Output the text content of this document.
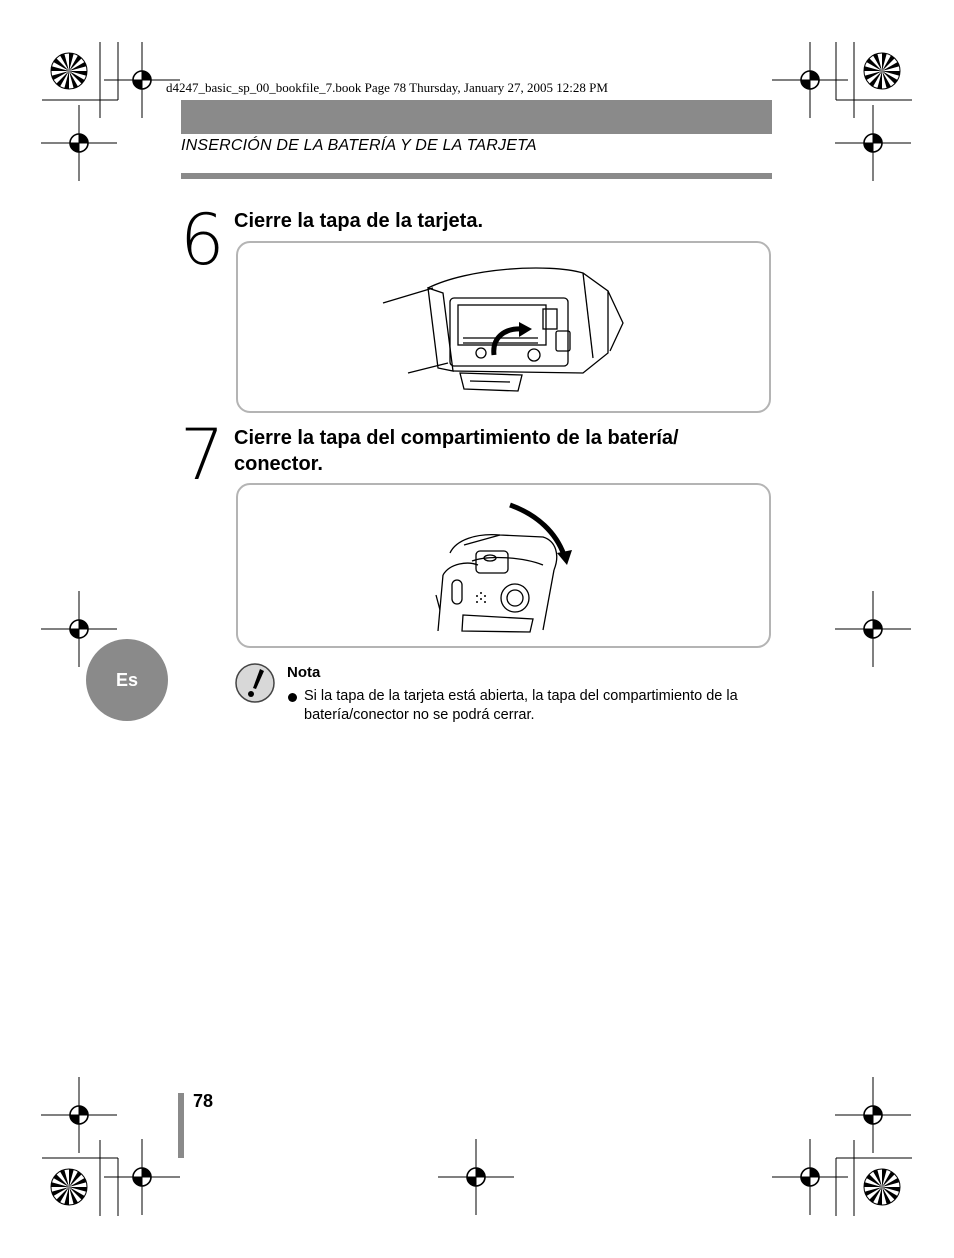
d4247_basic_sp_00_bookfile_7.book Page 78 Thursday, January 27, 2005 12:28 PM
INSERCIÓN DE LA BATERÍA Y DE LA TARJETA
6 Cierre la tapa de la tarjeta.
7 Cierre la tapa del compartimiento de la batería/
conector.
Es	Nota
Si la tapa de la tarjeta está abierta, la tapa del compartimiento de la batería/conector no se podrá cerrar.
78
